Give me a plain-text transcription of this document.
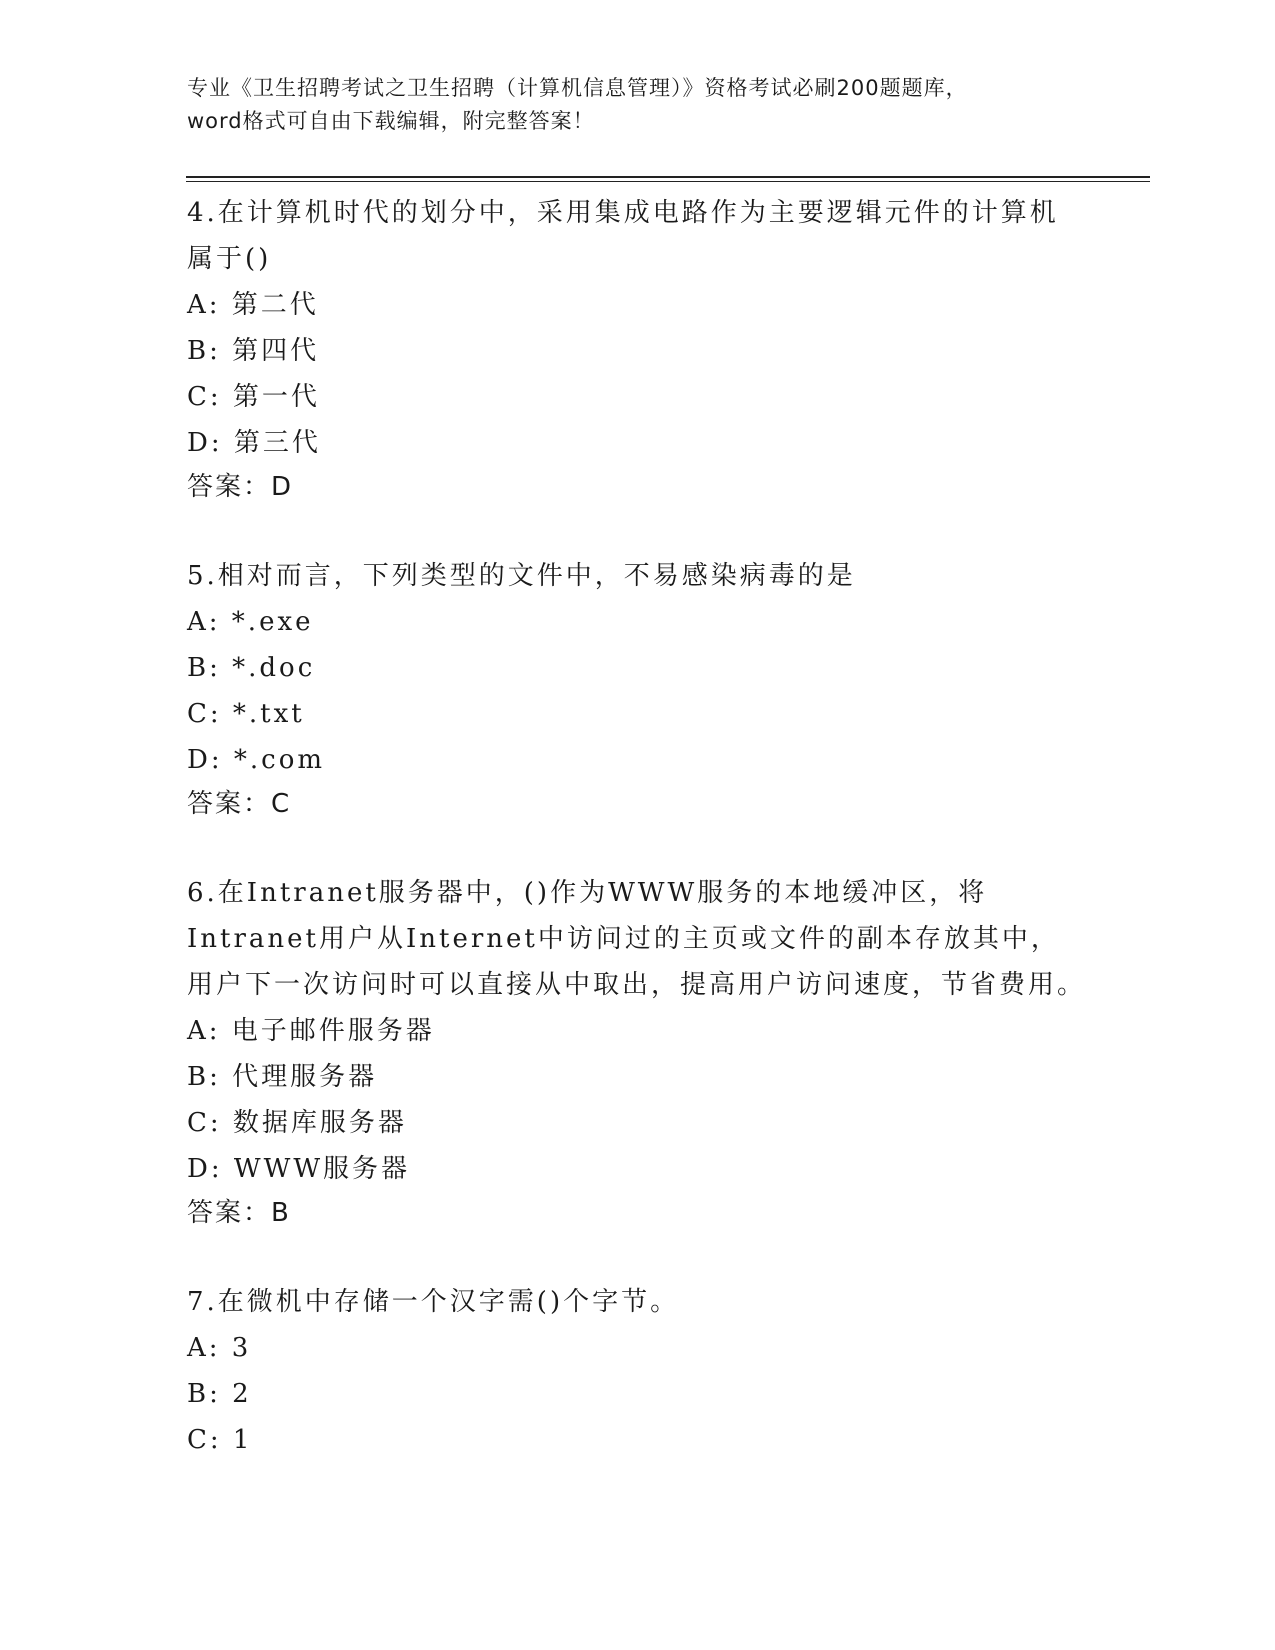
专业《卫生招聘考试之卫生招聘（计算机信息管理）》资格考试必刷200题题库，
word格式可自由下载编辑，附完整答案！

4.在计算机时代的划分中，采用集成电路作为主要逻辑元件的计算机属于()

A: 第二代

B: 第四代

C: 第一代

D: 第三代

答案：D

5.相对而言，下列类型的文件中，不易感染病毒的是

A: *.exe

B: *.doc

C: *.txt

D: *.com

答案：C

6.在Intranet服务器中，()作为WWW服务的本地缓冲区，将Intranet用户从Internet中访问过的主页或文件的副本存放其中，用户下一次访问时可以直接从中取出，提高用户访问速度，节省费用。

A: 电子邮件服务器

B: 代理服务器

C: 数据库服务器

D: WWW服务器

答案：B

7.在微机中存储一个汉字需()个字节。

A: 3

B: 2

C: 1
